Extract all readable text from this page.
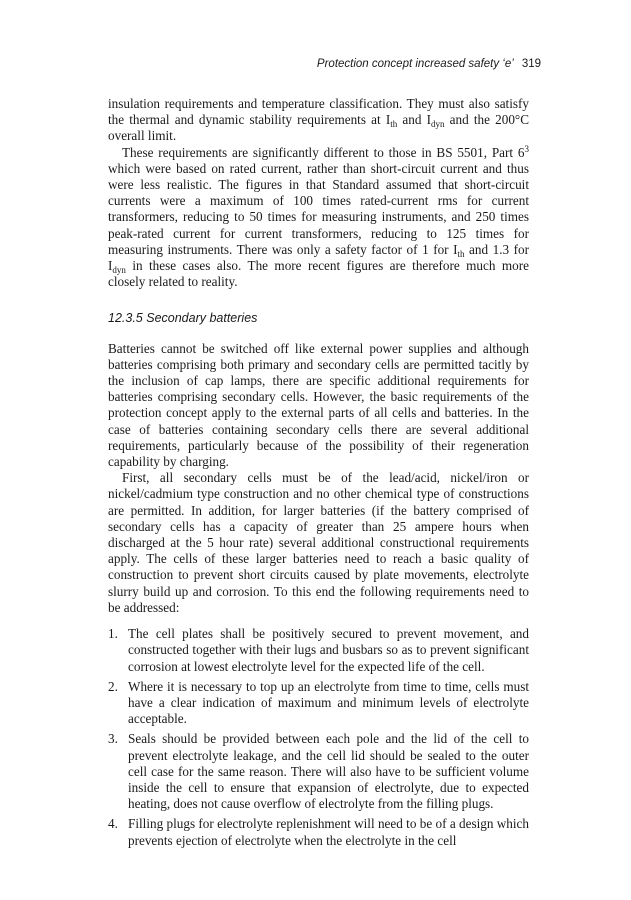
Protection concept increased safety ‘e’ 319

insulation requirements and temperature classification. They must also satisfy the thermal and dynamic stability requirements at $I_{th}$ and $I_{dyn}$ and the 200°C overall limit.

These requirements are significantly different to those in BS 5501, Part $6^3$ which were based on rated current, rather than short-circuit current and thus were less realistic. The figures in that Standard assumed that short-circuit currents were a maximum of 100 times rated-current rms for current transformers, reducing to 50 times for measuring instruments, and 250 times peak-rated current for current transformers, reducing to 125 times for measuring instruments. There was only a safety factor of 1 for $I_{th}$ and 1.3 for $I_{dyn}$ in these cases also. The more recent figures are therefore much more closely related to reality.

12.3.5 Secondary batteries

Batteries cannot be switched off like external power supplies and although batteries comprising both primary and secondary cells are permitted tacitly by the inclusion of cap lamps, there are specific additional requirements for batteries comprising secondary cells. However, the basic requirements of the protection concept apply to the external parts of all cells and batteries. In the case of batteries containing secondary cells there are several additional requirements, particularly because of the possibility of their regeneration capability by charging.

First, all secondary cells must be of the lead/acid, nickel/iron or nickel/cadmium type construction and no other chemical type of constructions are permitted. In addition, for larger batteries (if the battery comprised of secondary cells has a capacity of greater than 25 ampere hours when discharged at the 5 hour rate) several additional constructional requirements apply. The cells of these larger batteries need to reach a basic quality of construction to prevent short circuits caused by plate movements, electrolyte slurry build up and corrosion. To this end the following requirements need to be addressed:

1. The cell plates shall be positively secured to prevent movement, and constructed together with their lugs and busbars so as to prevent significant corrosion at lowest electrolyte level for the expected life of the cell.
2. Where it is necessary to top up an electrolyte from time to time, cells must have a clear indication of maximum and minimum levels of electrolyte acceptable.
3. Seals should be provided between each pole and the lid of the cell to prevent electrolyte leakage, and the cell lid should be sealed to the outer cell case for the same reason. There will also have to be sufficient volume inside the cell to ensure that expansion of electrolyte, due to expected heating, does not cause overflow of electrolyte from the filling plugs.
4. Filling plugs for electrolyte replenishment will need to be of a design which prevents ejection of electrolyte when the electrolyte in the cell
